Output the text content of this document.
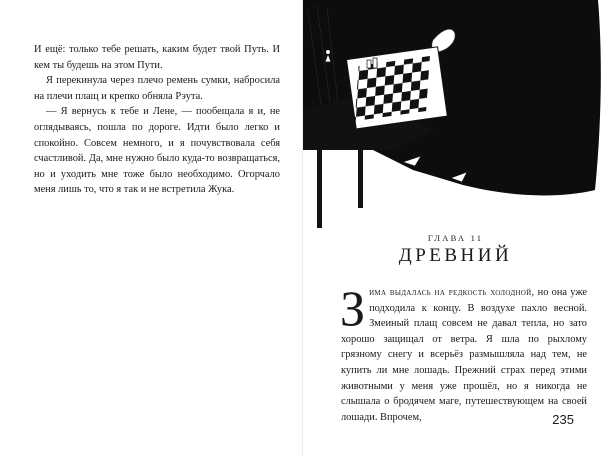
И ещё: только тебе решать, каким будет твой Путь. И кем ты будешь на этом Пути.

Я перекинула через плечо ремень сумки, набросила на плечи плащ и крепко обняла Рэута.

— Я вернусь к тебе и Лене, — пообещала я и, не оглядываясь, пошла по дороге. Идти было легко и спокойно. Совсем немного, и я почувствовала себя счастливой. Да, мне нужно было куда-то возвращаться, но и уходить мне тоже было необходимо. Огорчало меня лишь то, что я так и не встретила Жука.

ГЛАВА 11
ДРЕВНИЙ

Зима выдалась на редкость холодной, но она уже подходила к концу. В воздухе пахло весной. Змеиный плащ совсем не давал тепла, но зато хорошо защищал от ветра. Я шла по рыхлому грязному снегу и всерьёз размышляла над тем, не купить ли мне лошадь. Прежний страх перед этими животными у меня уже прошёл, но я никогда не слышала о бродячем маге, путешествующем на своей лошади. Впрочем,	235
